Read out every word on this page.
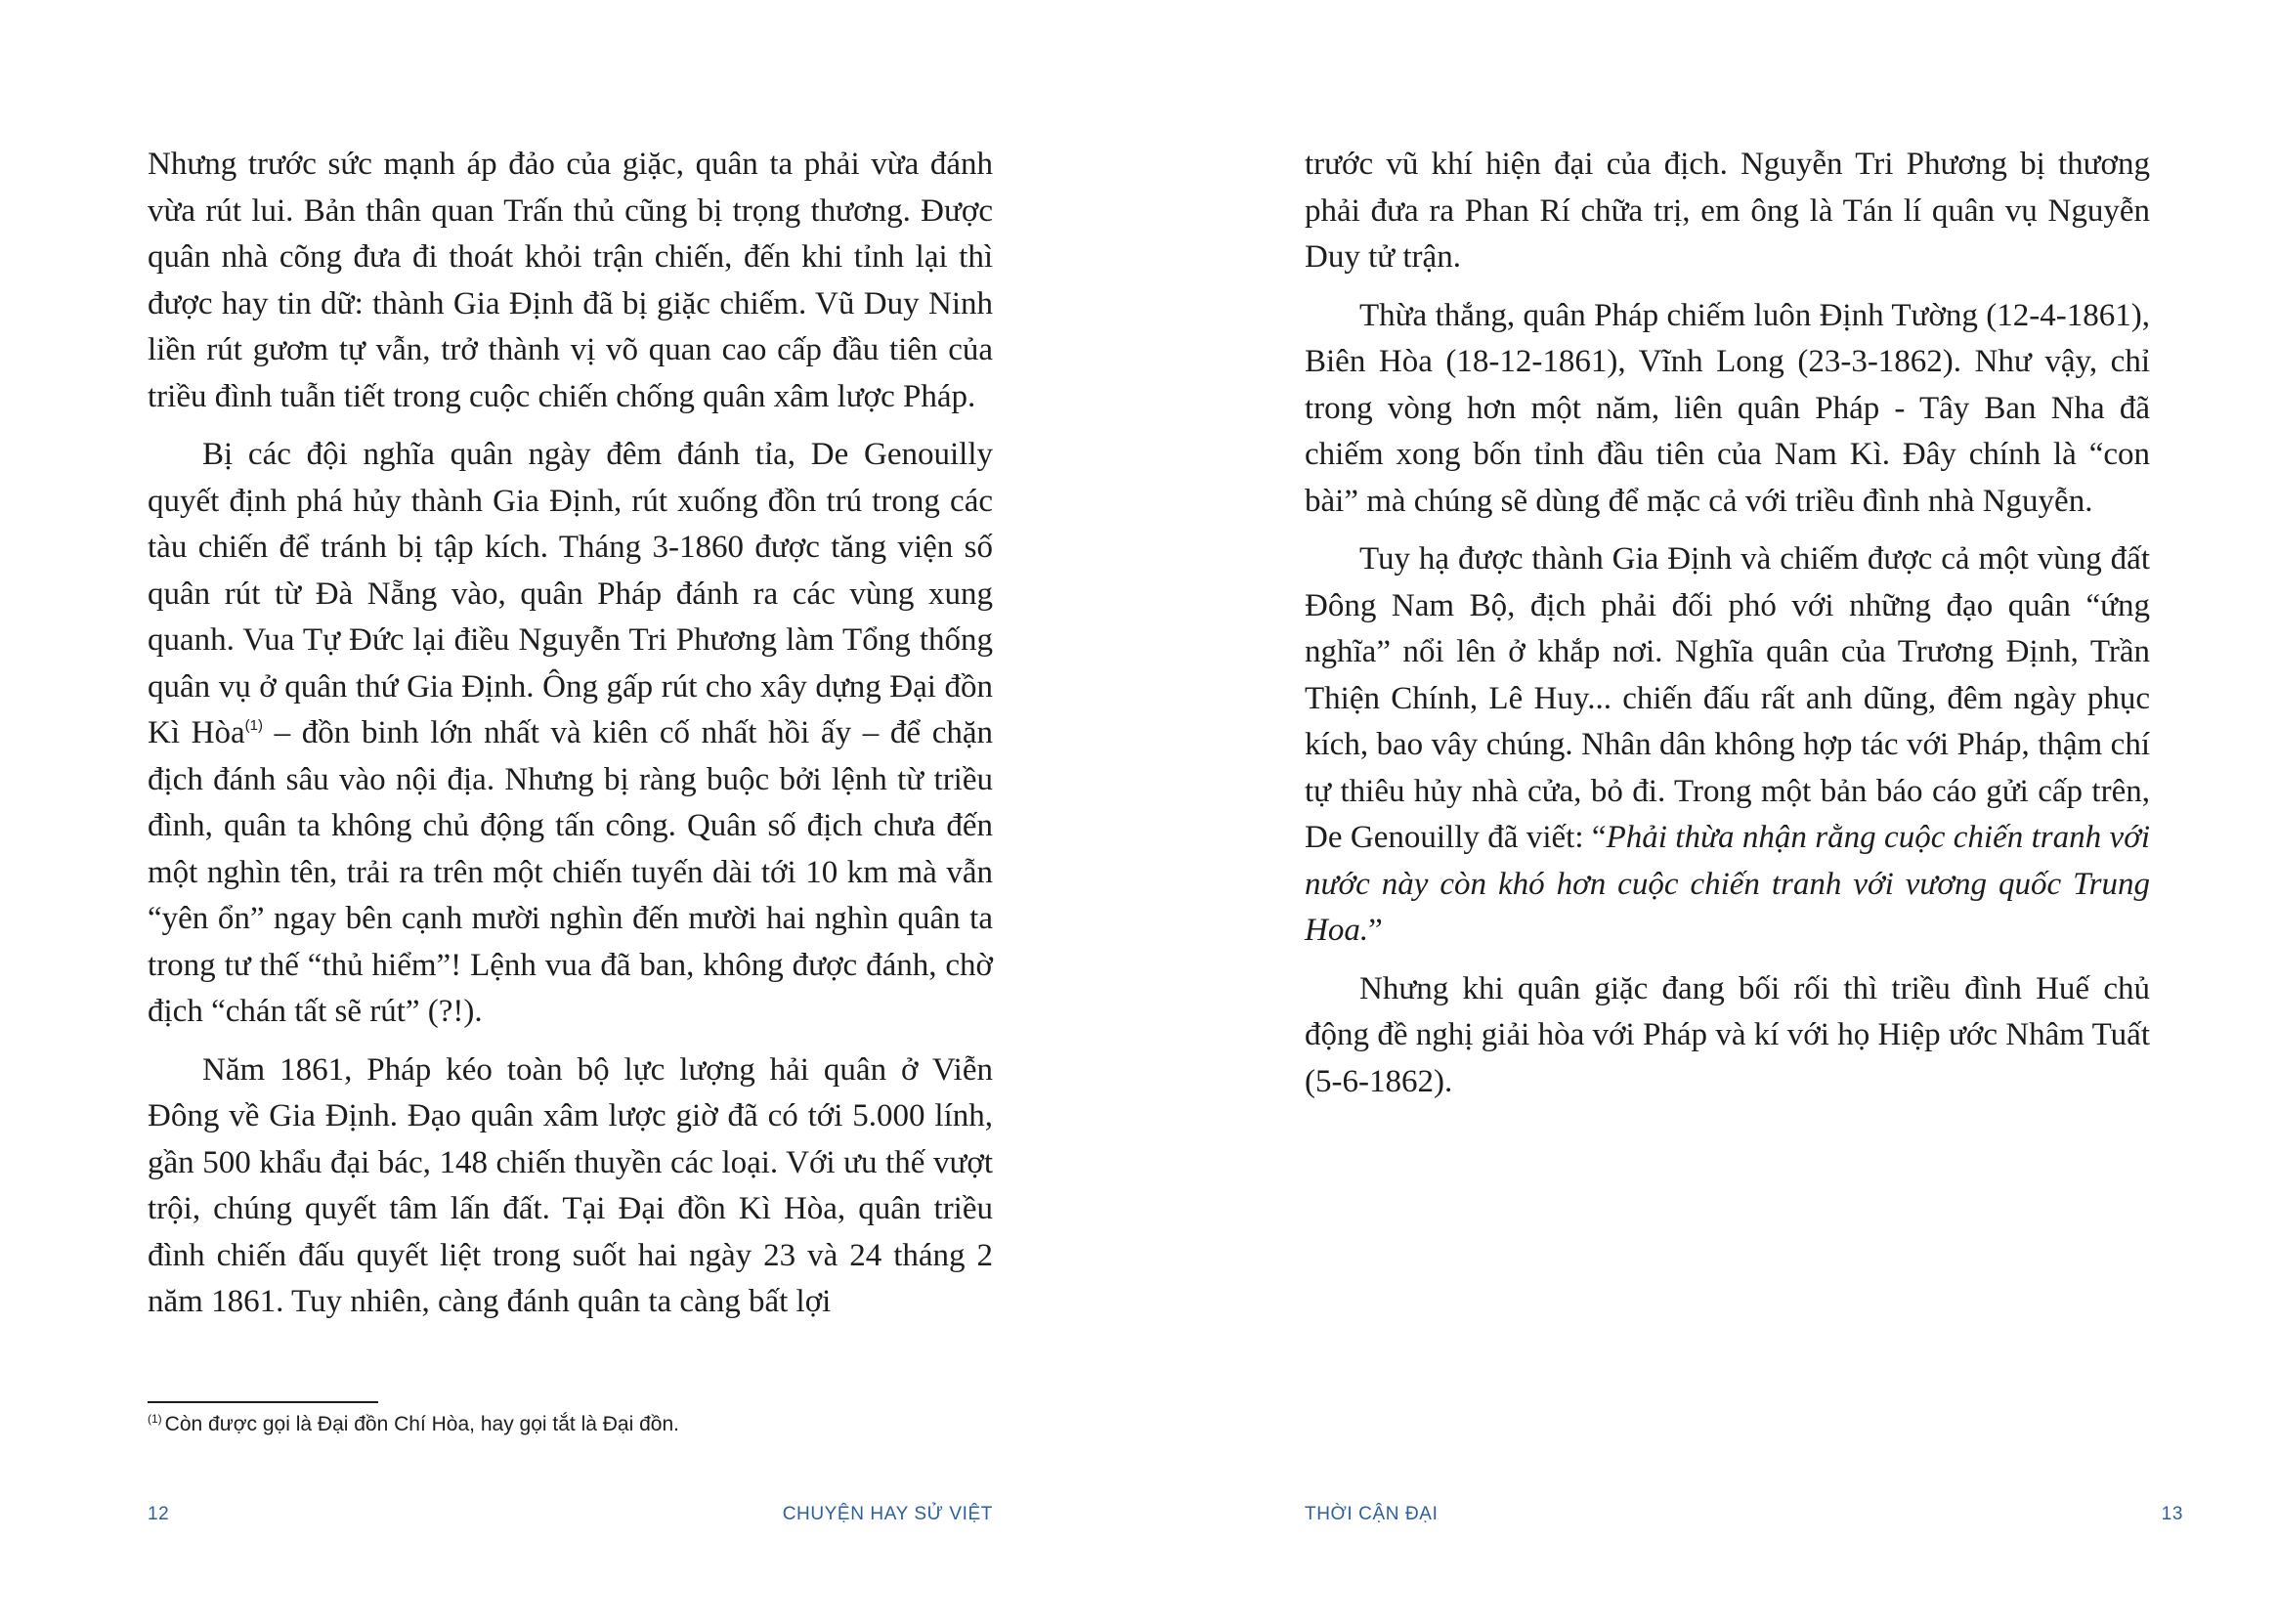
Nhưng trước sức mạnh áp đảo của giặc, quân ta phải vừa đánh vừa rút lui. Bản thân quan Trấn thủ cũng bị trọng thương. Được quân nhà cõng đưa đi thoát khỏi trận chiến, đến khi tỉnh lại thì được hay tin dữ: thành Gia Định đã bị giặc chiếm. Vũ Duy Ninh liền rút gươm tự vẫn, trở thành vị võ quan cao cấp đầu tiên của triều đình tuẫn tiết trong cuộc chiến chống quân xâm lược Pháp.

Bị các đội nghĩa quân ngày đêm đánh tỉa, De Genouilly quyết định phá hủy thành Gia Định, rút xuống đồn trú trong các tàu chiến để tránh bị tập kích. Tháng 3-1860 được tăng viện số quân rút từ Đà Nẵng vào, quân Pháp đánh ra các vùng xung quanh. Vua Tự Đức lại điều Nguyễn Tri Phương làm Tổng thống quân vụ ở quân thứ Gia Định. Ông gấp rút cho xây dựng Đại đồn Kì Hòa$^{(1)}$ – đồn binh lớn nhất và kiên cố nhất hồi ấy – để chặn địch đánh sâu vào nội địa. Nhưng bị ràng buộc bởi lệnh từ triều đình, quân ta không chủ động tấn công. Quân số địch chưa đến một nghìn tên, trải ra trên một chiến tuyến dài tới 10 km mà vẫn “yên ổn” ngay bên cạnh mười nghìn đến mười hai nghìn quân ta trong tư thế “thủ hiểm”! Lệnh vua đã ban, không được đánh, chờ địch “chán tất sẽ rút” (?!).

Năm 1861, Pháp kéo toàn bộ lực lượng hải quân ở Viễn Đông về Gia Định. Đạo quân xâm lược giờ đã có tới 5.000 lính, gần 500 khẩu đại bác, 148 chiến thuyền các loại. Với ưu thế vượt trội, chúng quyết tâm lấn đất. Tại Đại đồn Kì Hòa, quân triều đình chiến đấu quyết liệt trong suốt hai ngày 23 và 24 tháng 2 năm 1861. Tuy nhiên, càng đánh quân ta càng bất lợi

$^{(1)}$ Còn được gọi là Đại đồn Chí Hòa, hay gọi tắt là Đại đồn.
12	CHUYỆN HAY SỬ VIỆT

trước vũ khí hiện đại của địch. Nguyễn Tri Phương bị thương phải đưa ra Phan Rí chữa trị, em ông là Tán lí quân vụ Nguyễn Duy tử trận.

Thừa thắng, quân Pháp chiếm luôn Định Tường (12-4-1861), Biên Hòa (18-12-1861), Vĩnh Long (23-3-1862). Như vậy, chỉ trong vòng hơn một năm, liên quân Pháp - Tây Ban Nha đã chiếm xong bốn tỉnh đầu tiên của Nam Kì. Đây chính là “con bài” mà chúng sẽ dùng để mặc cả với triều đình nhà Nguyễn.

Tuy hạ được thành Gia Định và chiếm được cả một vùng đất Đông Nam Bộ, địch phải đối phó với những đạo quân “ứng nghĩa” nổi lên ở khắp nơi. Nghĩa quân của Trương Định, Trần Thiện Chính, Lê Huy... chiến đấu rất anh dũng, đêm ngày phục kích, bao vây chúng. Nhân dân không hợp tác với Pháp, thậm chí tự thiêu hủy nhà cửa, bỏ đi. Trong một bản báo cáo gửi cấp trên, De Genouilly đã viết: “Phải thừa nhận rằng cuộc chiến tranh với nước này còn khó hơn cuộc chiến tranh với vương quốc Trung Hoa.”

Nhưng khi quân giặc đang bối rối thì triều đình Huế chủ động đề nghị giải hòa với Pháp và kí với họ Hiệp ước Nhâm Tuất (5-6-1862).

THỜI CẬN ĐẠI	13
